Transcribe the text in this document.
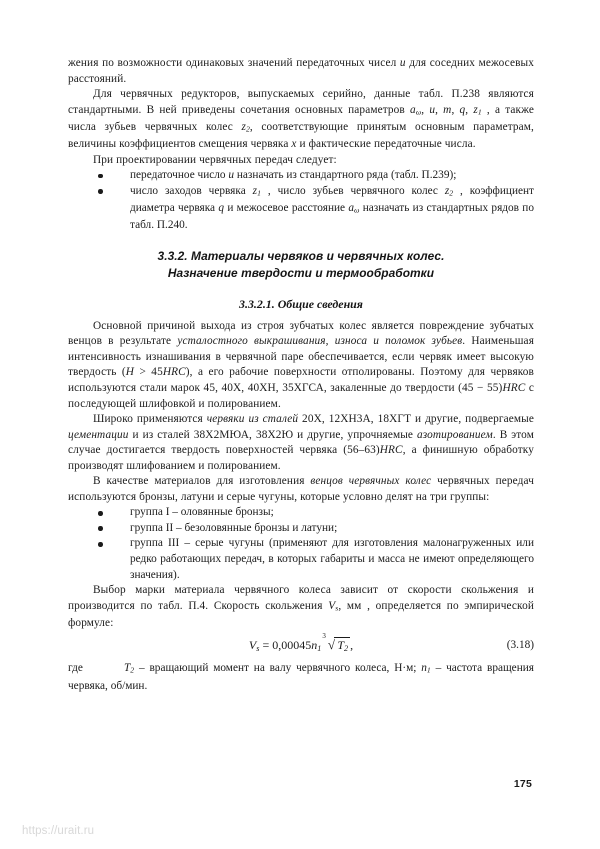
жения по возможности одинаковых значений передаточных чисел u для соседних межосевых расстояний.

Для червячных редукторов, выпускаемых серийно, данные табл. П.238 являются стандартными. В ней приведены сочетания основных параметров $a_\omega$, u, m, q, $z_1$ , а также числа зубьев червячных колес $z_2$, соответствующие принятым основным параметрам, величины коэффициентов смещения червяка x и фактические передаточные числа.

При проектировании червячных передач следует:

передаточное число u назначать из стандартного ряда (табл. П.239);
число заходов червяка $z_1$ , число зубьев червячного колес $z_2$ , коэффициент диаметра червяка q и межосевое расстояние $a_\omega$ назначать из стандартных рядов по табл. П.240.
3.3.2. Материалы червяков и червячных колес.
Назначение твердости и термообработки
3.3.2.1. Общие сведения

Основной причиной выхода из строя зубчатых колес является повреждение зубчатых венцов в результате усталостного выкрашивания, износа и поломок зубьев. Наименьшая интенсивность изнашивания в червячной паре обеспечивается, если червяк имеет высокую твердость (H > 45HRC), а его рабочие поверхности отполированы. Поэтому для червяков используются стали марок 45, 40Х, 40ХН, 35ХГСА, закаленные до твердости (45 − 55)HRC с последующей шлифовкой и полированием.

Широко применяются червяки из сталей 20Х, 12ХН3А, 18ХГТ и другие, подвергаемые цементации и из сталей 38Х2МЮА, 38Х2Ю и другие, упрочняемые азотированием. В этом случае достигается твердость поверхностей червяка (56–63)HRC, а финишную обработку производят шлифованием и полированием.

В качестве материалов для изготовления венцов червячных колес червячных передач используются бронзы, латуни и серые чугуны, которые условно делят на три группы:

группа I – оловянные бронзы;
группа II – безоловянные бронзы и латуни;
группа III – серые чугуны (применяют для изготовления малонагруженных или редко работающих передач, в которых габариты и масса не имеют определяющего значения).

Выбор марки материала червячного колеса зависит от скорости скольжения и производится по табл. П.4. Скорость скольжения $V_s$, мм , определяется по эмпирической формуле:

$V_s = 0,00045n_1$
3
√ $T_2$ ,	(3.18)
где	$T_2$ – вращающий момент на валу червячного колеса, Н·м; $n_1$ – частота вращения червяка, об/мин.
175
https://urait.ru
